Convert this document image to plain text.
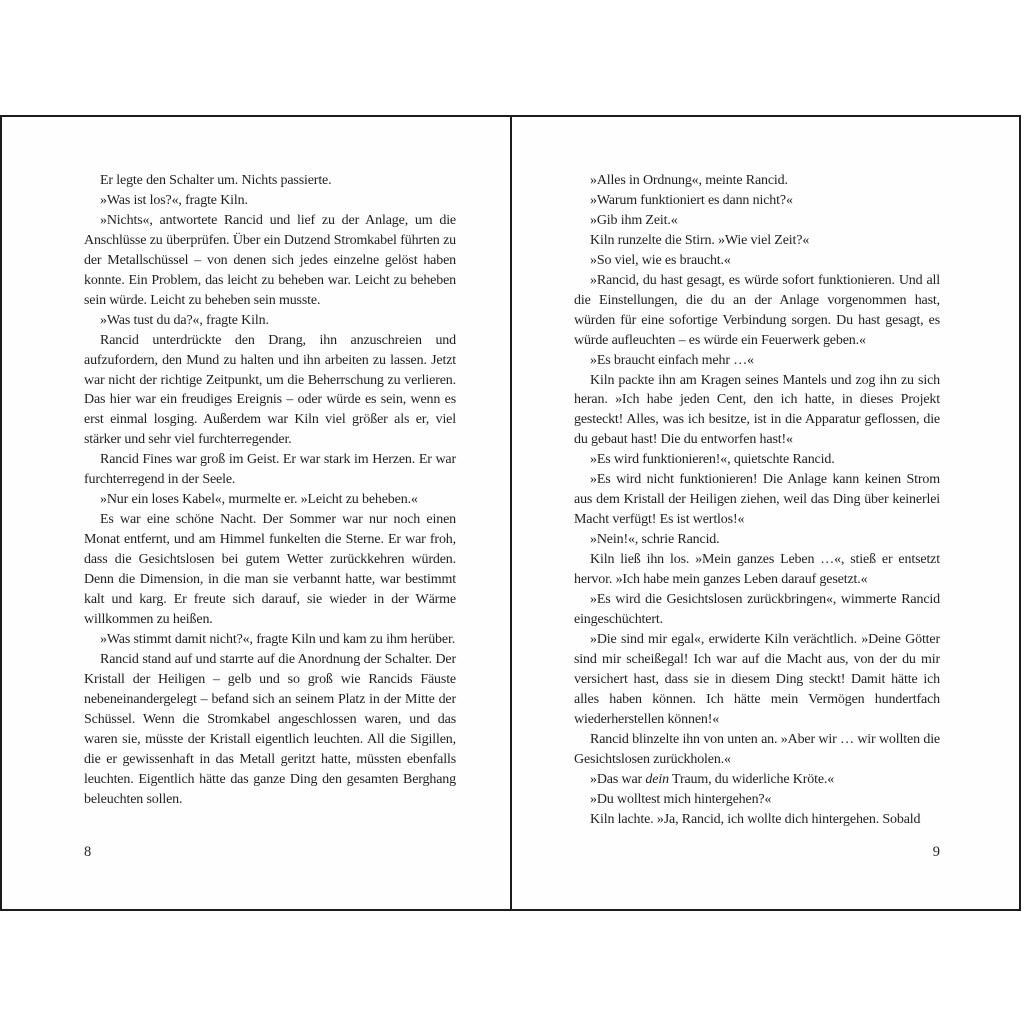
Er legte den Schalter um. Nichts passierte.

»Was ist los?«, fragte Kiln.

»Nichts«, antwortete Rancid und lief zu der Anlage, um die Anschlüsse zu überprüfen. Über ein Dutzend Stromkabel führten zu der Metallschüssel – von denen sich jedes einzelne gelöst haben konnte. Ein Problem, das leicht zu beheben war. Leicht zu beheben sein würde. Leicht zu beheben sein musste.

»Was tust du da?«, fragte Kiln.

Rancid unterdrückte den Drang, ihn anzuschreien und aufzufordern, den Mund zu halten und ihn arbeiten zu lassen. Jetzt war nicht der richtige Zeitpunkt, um die Beherrschung zu verlieren. Das hier war ein freudiges Ereignis – oder würde es sein, wenn es erst einmal losging. Außerdem war Kiln viel größer als er, viel stärker und sehr viel furchterregender.

Rancid Fines war groß im Geist. Er war stark im Herzen. Er war furchterregend in der Seele.

»Nur ein loses Kabel«, murmelte er. »Leicht zu beheben.«

Es war eine schöne Nacht. Der Sommer war nur noch einen Monat entfernt, und am Himmel funkelten die Sterne. Er war froh, dass die Gesichtslosen bei gutem Wetter zurückkehren würden. Denn die Dimension, in die man sie verbannt hatte, war bestimmt kalt und karg. Er freute sich darauf, sie wieder in der Wärme willkommen zu heißen.

»Was stimmt damit nicht?«, fragte Kiln und kam zu ihm herüber.

Rancid stand auf und starrte auf die Anordnung der Schalter. Der Kristall der Heiligen – gelb und so groß wie Rancids Fäuste nebeneinandergelegt – befand sich an seinem Platz in der Mitte der Schüssel. Wenn die Stromkabel angeschlossen waren, und das waren sie, müsste der Kristall eigentlich leuchten. All die Sigillen, die er gewissenhaft in das Metall geritzt hatte, müssten ebenfalls leuchten. Eigentlich hätte das ganze Ding den gesamten Berghang beleuchten sollen.

»Alles in Ordnung«, meinte Rancid.

»Warum funktioniert es dann nicht?«

»Gib ihm Zeit.«

Kiln runzelte die Stirn. »Wie viel Zeit?«

»So viel, wie es braucht.«

»Rancid, du hast gesagt, es würde sofort funktionieren. Und all die Einstellungen, die du an der Anlage vorgenommen hast, würden für eine sofortige Verbindung sorgen. Du hast gesagt, es würde aufleuchten – es würde ein Feuerwerk geben.«

»Es braucht einfach mehr …«

Kiln packte ihn am Kragen seines Mantels und zog ihn zu sich heran. »Ich habe jeden Cent, den ich hatte, in dieses Projekt gesteckt! Alles, was ich besitze, ist in die Apparatur geflossen, die du gebaut hast! Die du entworfen hast!«

»Es wird funktionieren!«, quietschte Rancid.

»Es wird nicht funktionieren! Die Anlage kann keinen Strom aus dem Kristall der Heiligen ziehen, weil das Ding über keinerlei Macht verfügt! Es ist wertlos!«

»Nein!«, schrie Rancid.

Kiln ließ ihn los. »Mein ganzes Leben …«, stieß er entsetzt hervor. »Ich habe mein ganzes Leben darauf gesetzt.«

»Es wird die Gesichtslosen zurückbringen«, wimmerte Rancid eingeschüchtert.

»Die sind mir egal«, erwiderte Kiln verächtlich. »Deine Götter sind mir scheißegal! Ich war auf die Macht aus, von der du mir versichert hast, dass sie in diesem Ding steckt! Damit hätte ich alles haben können. Ich hätte mein Vermögen hundertfach wiederherstellen können!«

Rancid blinzelte ihn von unten an. »Aber wir … wir wollten die Gesichtslosen zurückholen.«

»Das war dein Traum, du widerliche Kröte.«

»Du wolltest mich hintergehen?«

Kiln lachte. »Ja, Rancid, ich wollte dich hintergehen. Sobald

8	9
